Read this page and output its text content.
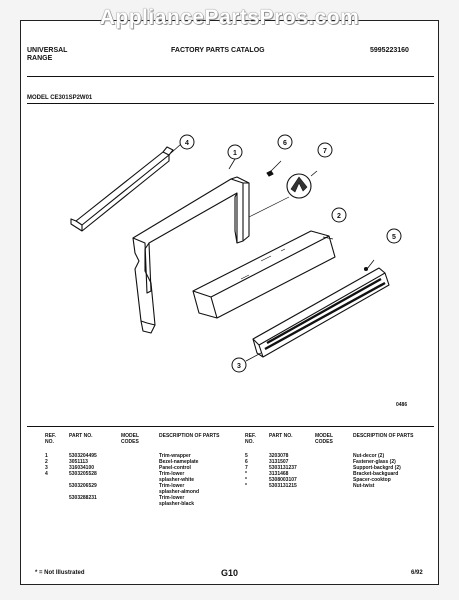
AppliancePartsPros.com
UNIVERSAL
RANGE
FACTORY PARTS CATALOG	5995223160
MODEL CE301SP2W01
1
2
3
4
5
6
7
0486
REF. NO.	PART NO.	MODEL CODES	DESCRIPTION OF PARTS
1	5303204495		Trim-wrapper
2	3051113		Bezel-nameplate
3	316034100		Panel-control
4	5303205528		Trim-lower
			splasher-white
	5303206529		Trim-lower
			splasher-almond
	5303288231		Trim-lower
			splasher-black
REF. NO.	PART NO.	MODEL CODES	DESCRIPTION OF PARTS
5	3203078		Nut-decor (2)
6	3131507		Fastener-glass (2)
7	5303131237		Support-backgrd (2)
*	3131468		Bracket-backguard
*	5308003107		Spacer-cooktop
*	5303131215		Nut-twist
* = Not Illustrated	G10	6/92
